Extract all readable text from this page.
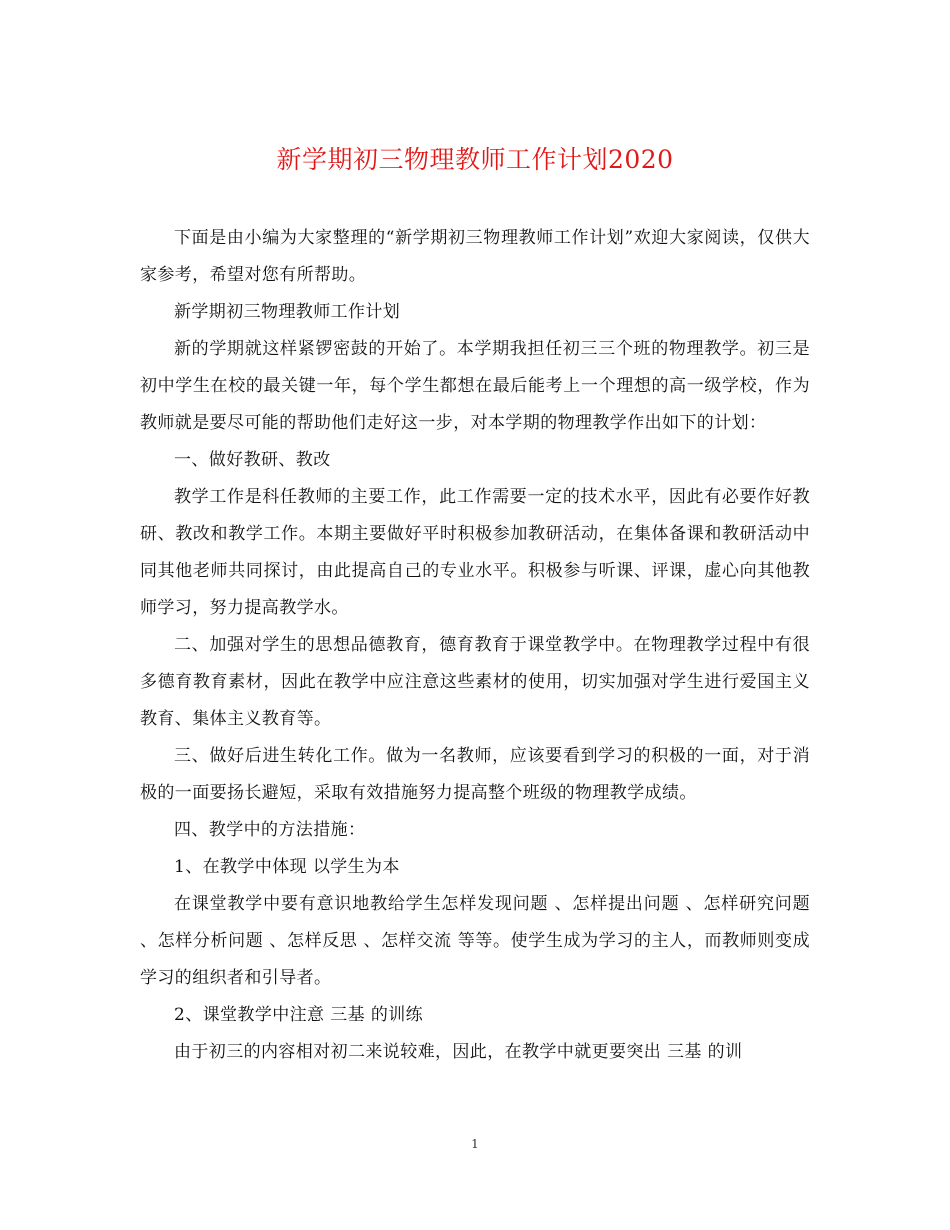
新学期初三物理教师工作计划2020

下面是由小编为大家整理的“新学期初三物理教师工作计划”欢迎大家阅读，仅供大家参考，希望对您有所帮助。

新学期初三物理教师工作计划

新的学期就这样紧锣密鼓的开始了。本学期我担任初三三个班的物理教学。初三是初中学生在校的最关键一年，每个学生都想在最后能考上一个理想的高一级学校，作为教师就是要尽可能的帮助他们走好这一步，对本学期的物理教学作出如下的计划：

一、做好教研、教改

教学工作是科任教师的主要工作，此工作需要一定的技术水平，因此有必要作好教研、教改和教学工作。本期主要做好平时积极参加教研活动，在集体备课和教研活动中同其他老师共同探讨，由此提高自己的专业水平。积极参与听课、评课，虚心向其他教师学习，努力提高教学水。

二、加强对学生的思想品德教育，德育教育于课堂教学中。在物理教学过程中有很多德育教育素材，因此在教学中应注意这些素材的使用，切实加强对学生进行爱国主义教育、集体主义教育等。

三、做好后进生转化工作。做为一名教师，应该要看到学习的积极的一面，对于消极的一面要扬长避短，采取有效措施努力提高整个班级的物理教学成绩。

四、教学中的方法措施：

1、在教学中体现 以学生为本

在课堂教学中要有意识地教给学生怎样发现问题 、怎样提出问题 、怎样研究问题 、怎样分析问题 、怎样反思 、怎样交流 等等。使学生成为学习的主人，而教师则变成学习的组织者和引导者。

2、课堂教学中注意 三基 的训练

由于初三的内容相对初二来说较难，因此，在教学中就更要突出 三基 的训

1
